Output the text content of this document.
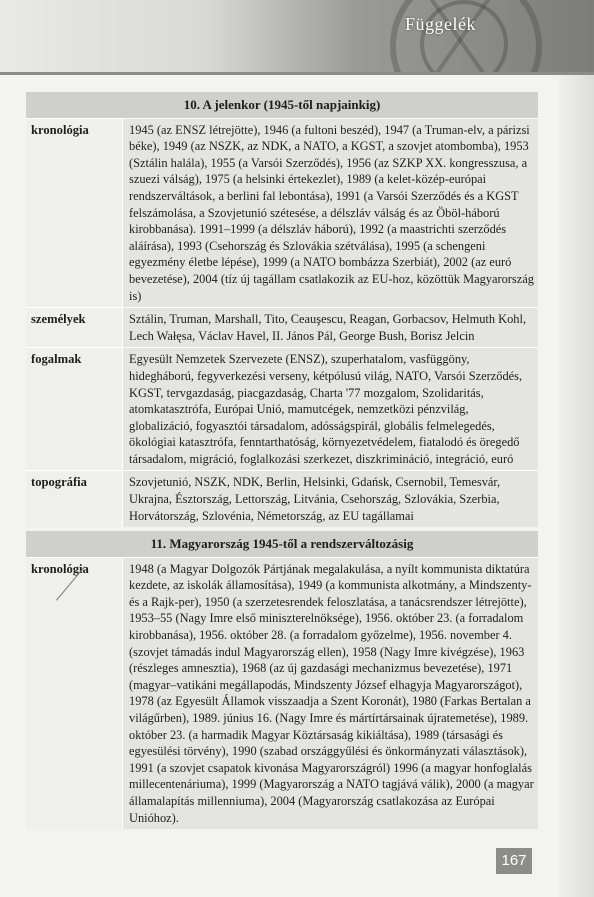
Függelék
10. A jelenkor (1945-től napjainkig)	
kronológia	1945 (az ENSZ létrejötte), 1946 (a fultoni beszéd), 1947 (a Truman-elv, a párizsi béke), 1949 (az NSZK, az NDK, a NATO, a KGST, a szovjet atombomba), 1953 (Sztálin halála), 1955 (a Varsói Szerződés), 1956 (az SZKP XX. kongresszusa, a szuezi válság), 1975 (a helsinki értekezlet), 1989 (a kelet-közép-európai rendszerváltások, a berlini fal lebontása), 1991 (a Varsói Szerződés és a KGST felszámolása, a Szovjetunió szétesése, a délszláv válság és az Öböl-háború kirobbanása). 1991–1999 (a délszláv háború), 1992 (a maastrichti szerződés aláírása), 1993 (Csehország és Szlovákia szétválása), 1995 (a schengeni egyezmény életbe lépése), 1999 (a NATO bombázza Szerbiát), 2002 (az euró bevezetése), 2004 (tíz új tagállam csatlakozik az EU-hoz, közöttük Magyarország is)
személyek	Sztálin, Truman, Marshall, Tito, Ceauşescu, Reagan, Gorbacsov, Helmuth Kohl, Lech Wałęsa, Václav Havel, II. János Pál, George Bush, Borisz Jelcin
fogalmak	Egyesült Nemzetek Szervezete (ENSZ), szuperhatalom, vasfüggöny, hidegháború, fegyverkezési verseny, kétpólusú világ, NATO, Varsói Szerződés, KGST, tervgazdaság, piacgazdaság, Charta '77 mozgalom, Szolidaritás, atomkatasztrófa, Európai Unió, mamutcégek, nemzetközi pénzvilág, globalizáció, fogyasztói társadalom, adósságspirál, globális felmelegedés, ökológiai katasztrófa, fenntarthatóság, környezetvédelem, fiatalodó és öregedő társadalom, migráció, foglalkozási szerkezet, diszkrimináció, integráció, euró
topográfia	Szovjetunió, NSZK, NDK, Berlin, Helsinki, Gdańsk, Csernobil, Temesvár, Ukrajna, Észtország, Lettország, Litvánia, Csehország, Szlovákia, Szerbia, Horvátország, Szlovénia, Németország, az EU tagállamai
11. Magyarország 1945-től a rendszerváltozásig
kronológia	1948 (a Magyar Dolgozók Pártjának megalakulása, a nyílt kommunista diktatúra kezdete, az iskolák államosítása), 1949 (a kommunista alkotmány, a Mindszenty- és a Rajk-per), 1950 (a szerzetesrendek feloszlatása, a tanácsrendszer létrejötte), 1953–55 (Nagy Imre első miniszterelnöksége), 1956. október 23. (a forradalom kirobbanása), 1956. október 28. (a forradalom győzelme), 1956. november 4. (szovjet támadás indul Magyarország ellen), 1958 (Nagy Imre kivégzése), 1963 (részleges amnesztia), 1968 (az új gazdasági mechanizmus bevezetése), 1971 (magyar–vatikáni megállapodás, Mindszenty József elhagyja Magyarországot), 1978 (az Egyesült Államok visszaadja a Szent Koronát), 1980 (Farkas Bertalan a világűrben), 1989. június 16. (Nagy Imre és mártírtársainak újratemetése), 1989. október 23. (a harmadik Magyar Köztársaság kikiáltása), 1989 (társasági és egyesülési törvény), 1990 (szabad országgyűlési és önkormányzati választások), 1991 (a szovjet csapatok kivonása Magyarországról) 1996 (a magyar honfoglalás millecentenáriuma), 1999 (Magyarország a NATO tagjává válik), 2000 (a magyar államalapítás millenniuma), 2004 (Magyarország csatlakozása az Európai Unióhoz).
167
